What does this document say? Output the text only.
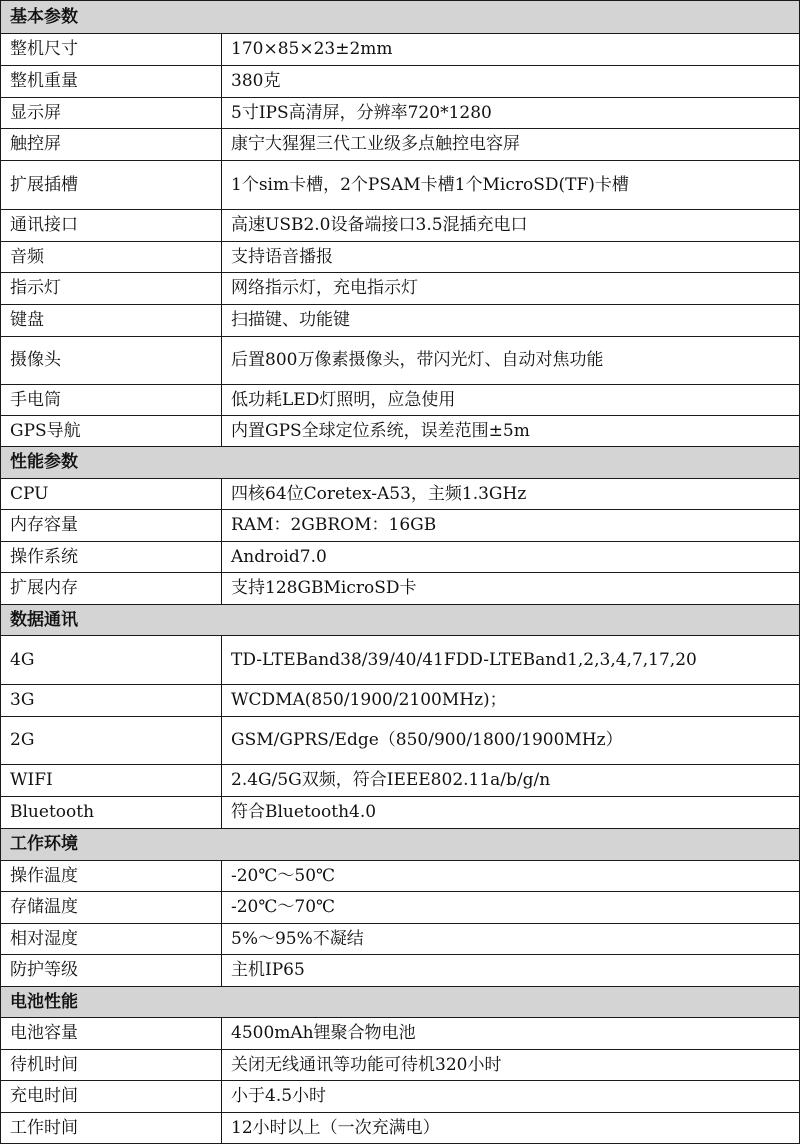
基本参数	
整机尺寸	170×85×23±2mm
整机重量	380克
显示屏	5寸IPS高清屏，分辨率720*1280
触控屏	康宁大猩猩三代工业级多点触控电容屏
扩展插槽	1个sim卡槽，2个PSAM卡槽1个MicroSD(TF)卡槽
通讯接口	高速USB2.0设备端接口3.5混插充电口
音频	支持语音播报
指示灯	网络指示灯，充电指示灯
键盘	扫描键、功能键
摄像头	后置800万像素摄像头，带闪光灯、自动对焦功能
手电筒	低功耗LED灯照明，应急使用
GPS导航	内置GPS全球定位系统，误差范围±5m
性能参数	
CPU	四核64位Coretex-A53，主频1.3GHz
内存容量	RAM：2GBROM：16GB
操作系统	Android7.0
扩展内存	支持128GBMicroSD卡
数据通讯	
4G	TD-LTEBand38/39/40/41FDD-LTEBand1,2,3,4,7,17,20
3G	WCDMA(850/1900/2100MHz)；
2G	GSM/GPRS/Edge（850/900/1800/1900MHz）
WIFI	2.4G/5G双频，符合IEEE802.11a/b/g/n
Bluetooth	符合Bluetooth4.0
工作环境	
操作温度	-20℃～50℃
存储温度	-20℃～70℃
相对湿度	5%～95%不凝结
防护等级	主机IP65
电池性能	
电池容量	4500mAh锂聚合物电池
待机时间	关闭无线通讯等功能可待机320小时
充电时间	小于4.5小时
工作时间	12小时以上（一次充满电）
